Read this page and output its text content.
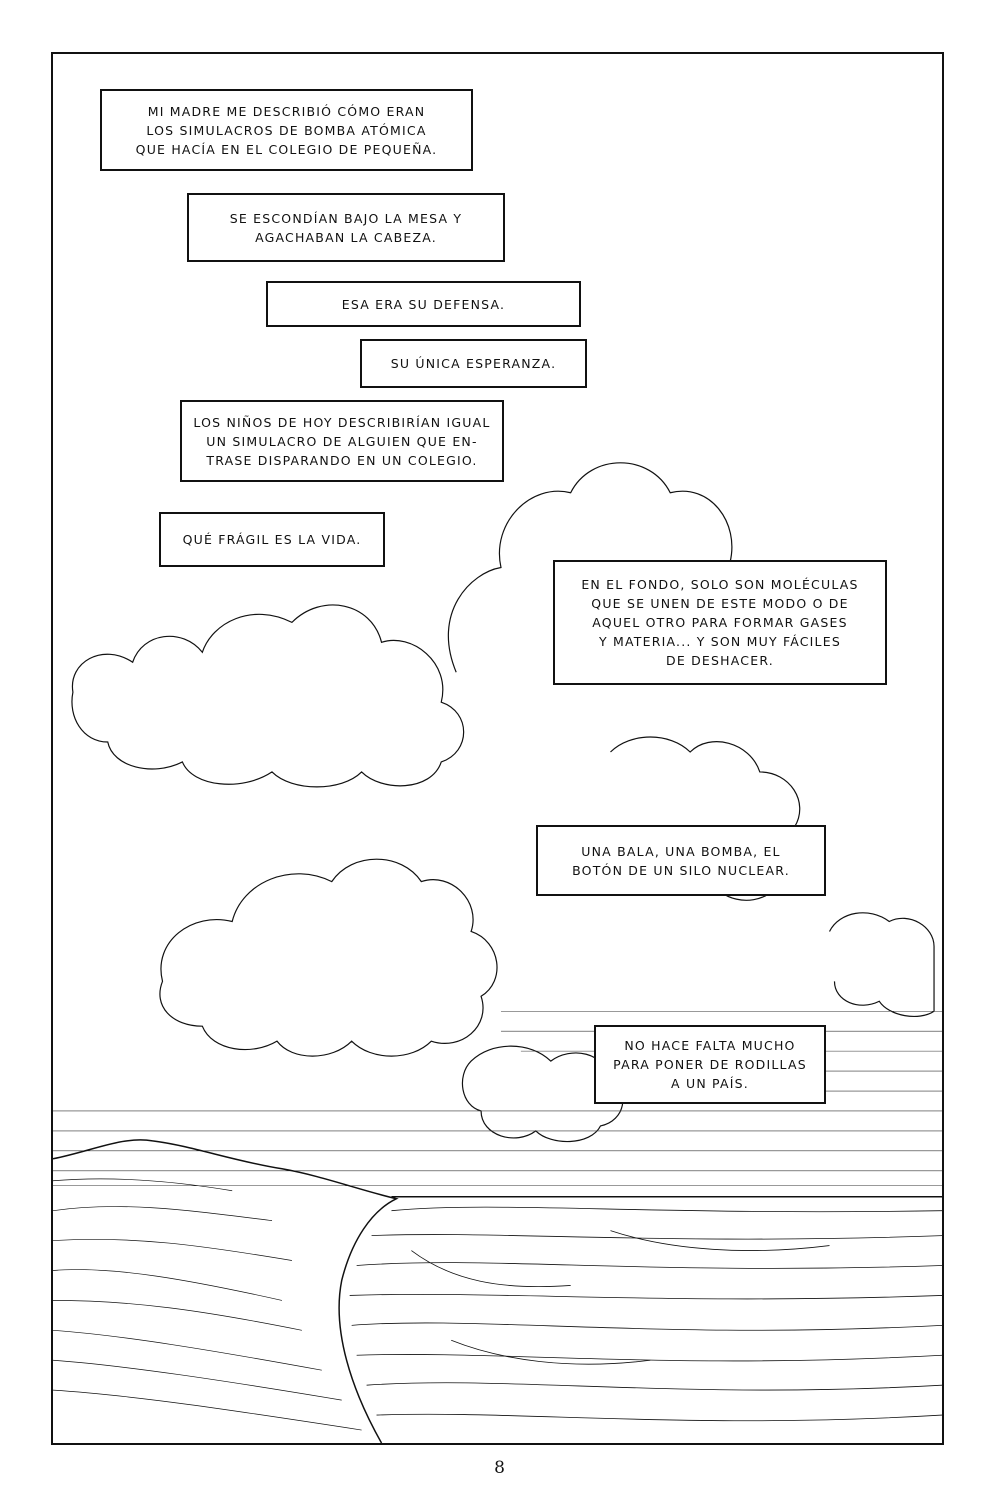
MI MADRE ME DESCRIBIÓ CÓMO ERAN
LOS SIMULACROS DE BOMBA ATÓMICA
QUE HACÍA EN EL COLEGIO DE PEQUEÑA.
SE ESCONDÍAN BAJO LA MESA Y
AGACHABAN LA CABEZA.
ESA ERA SU DEFENSA.
SU ÚNICA ESPERANZA.
LOS NIÑOS DE HOY DESCRIBIRÍAN IGUAL
UN SIMULACRO DE ALGUIEN QUE EN-
TRASE DISPARANDO EN UN COLEGIO.
QUÉ FRÁGIL ES LA VIDA.
EN EL FONDO, SOLO SON MOLÉCULAS
QUE SE UNEN DE ESTE MODO O DE
AQUEL OTRO PARA FORMAR GASES
Y MATERIA... Y SON MUY FÁCILES
DE DESHACER.
UNA BALA, UNA BOMBA, EL
BOTÓN DE UN SILO NUCLEAR.
NO HACE FALTA MUCHO
PARA PONER DE RODILLAS
A UN PAÍS.
8
